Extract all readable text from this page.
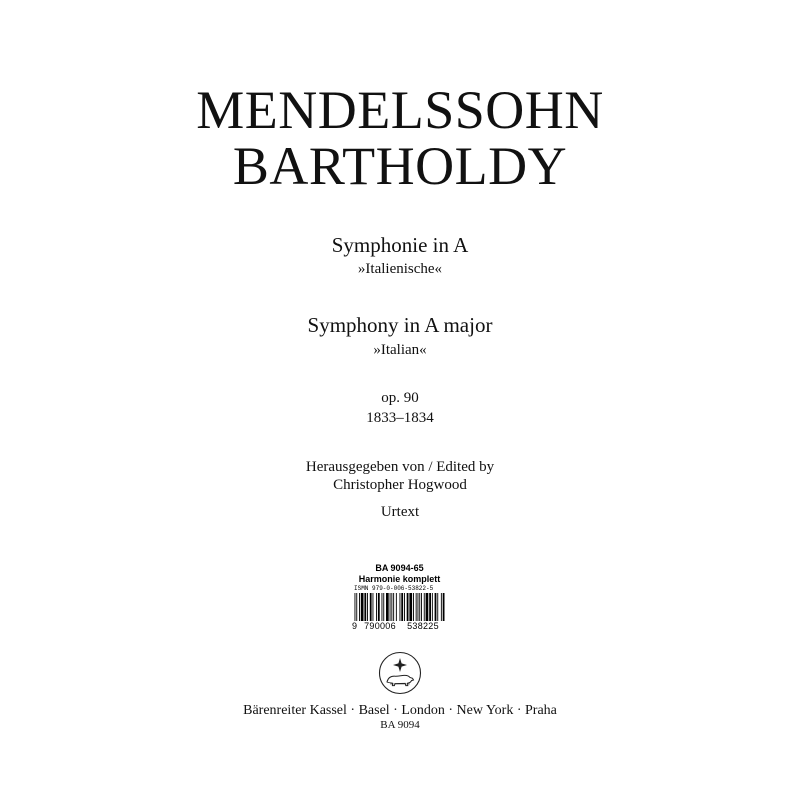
MENDELSSOHN
BARTHOLDY
Symphonie in A
»Italienische«
Symphony in A major
»Italian«
op. 90
1833–1834
Herausgegeben von / Edited by
Christopher Hogwood
Urtext
BA 9094-65
Harmonie komplett
ISMN 979-0-006-53822-5
9 790006	538225
Bärenreiter Kassel · Basel · London · New York · Praha
BA 9094
